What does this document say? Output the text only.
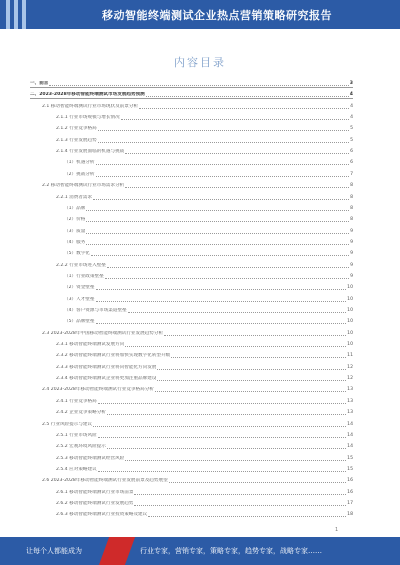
移动智能终端测试企业热点营销策略研究报告
内容目录
一、前言	3
二、2023-2028年移动智能终端测试市场发展趋势预测	4
2.1 移动智能终端测试行业市场现状及前景分析	4
2.1.1 行业市场规模与增长情况	4
2.1.2 行业竞争格局	5
2.1.3 行业发展趋势	5
2.1.4 行业发展面临的机遇与挑战	6
（1）机遇分析	6
（2）挑战分析	7
2.2 移动智能终端测试行业市场需求分析	8
2.2.1 消费者需求	8
（1）品牌	8
（2）价格	8
（3）质量	9
（4）服务	9
（5）数字化	9
2.2.2 行业市场进入壁垒	9
（1）行业政策壁垒	9
（2）资金壁垒	10
（3）人才壁垒	10
（4）客户资源与市场渠道壁垒	10
（5）品牌壁垒	10
2.3 2023-2028年中国移动智能终端测试行业发展趋势分析	10
2.3.1 移动智能终端测试发展方向	10
2.3.2 移动智能终端测试行业将加快实现数字化转型升级	11
2.3.3 移动智能终端测试行业将向智能化方向发展	12
2.3.4 移动智能终端测试企业将更加注重品牌建设	12
2.4 2023-2028年移动智能终端测试行业竞争格局分析	13
2.4.1 行业竞争格局	13
2.4.2 企业竞争策略分析	13
2.5 行业风险提示与建议	14
2.5.1 行业市场风险	14
2.5.2 宏观环境风险提示	14
2.5.3 移动智能终端测试经营风险	15
2.5.4 应对策略建议	15
2.6 2023-2028年移动智能终端测试行业发展前景及趋势展望	16
2.6.1 移动智能终端测试行业市场前景	16
2.6.2 移动智能终端测试行业发展趋势	17
2.6.3 移动智能终端测试行业投资策略及建议	18
1
让每个人都能成为	行业专家，营销专家，策略专家，趋势专家，战略专家……
